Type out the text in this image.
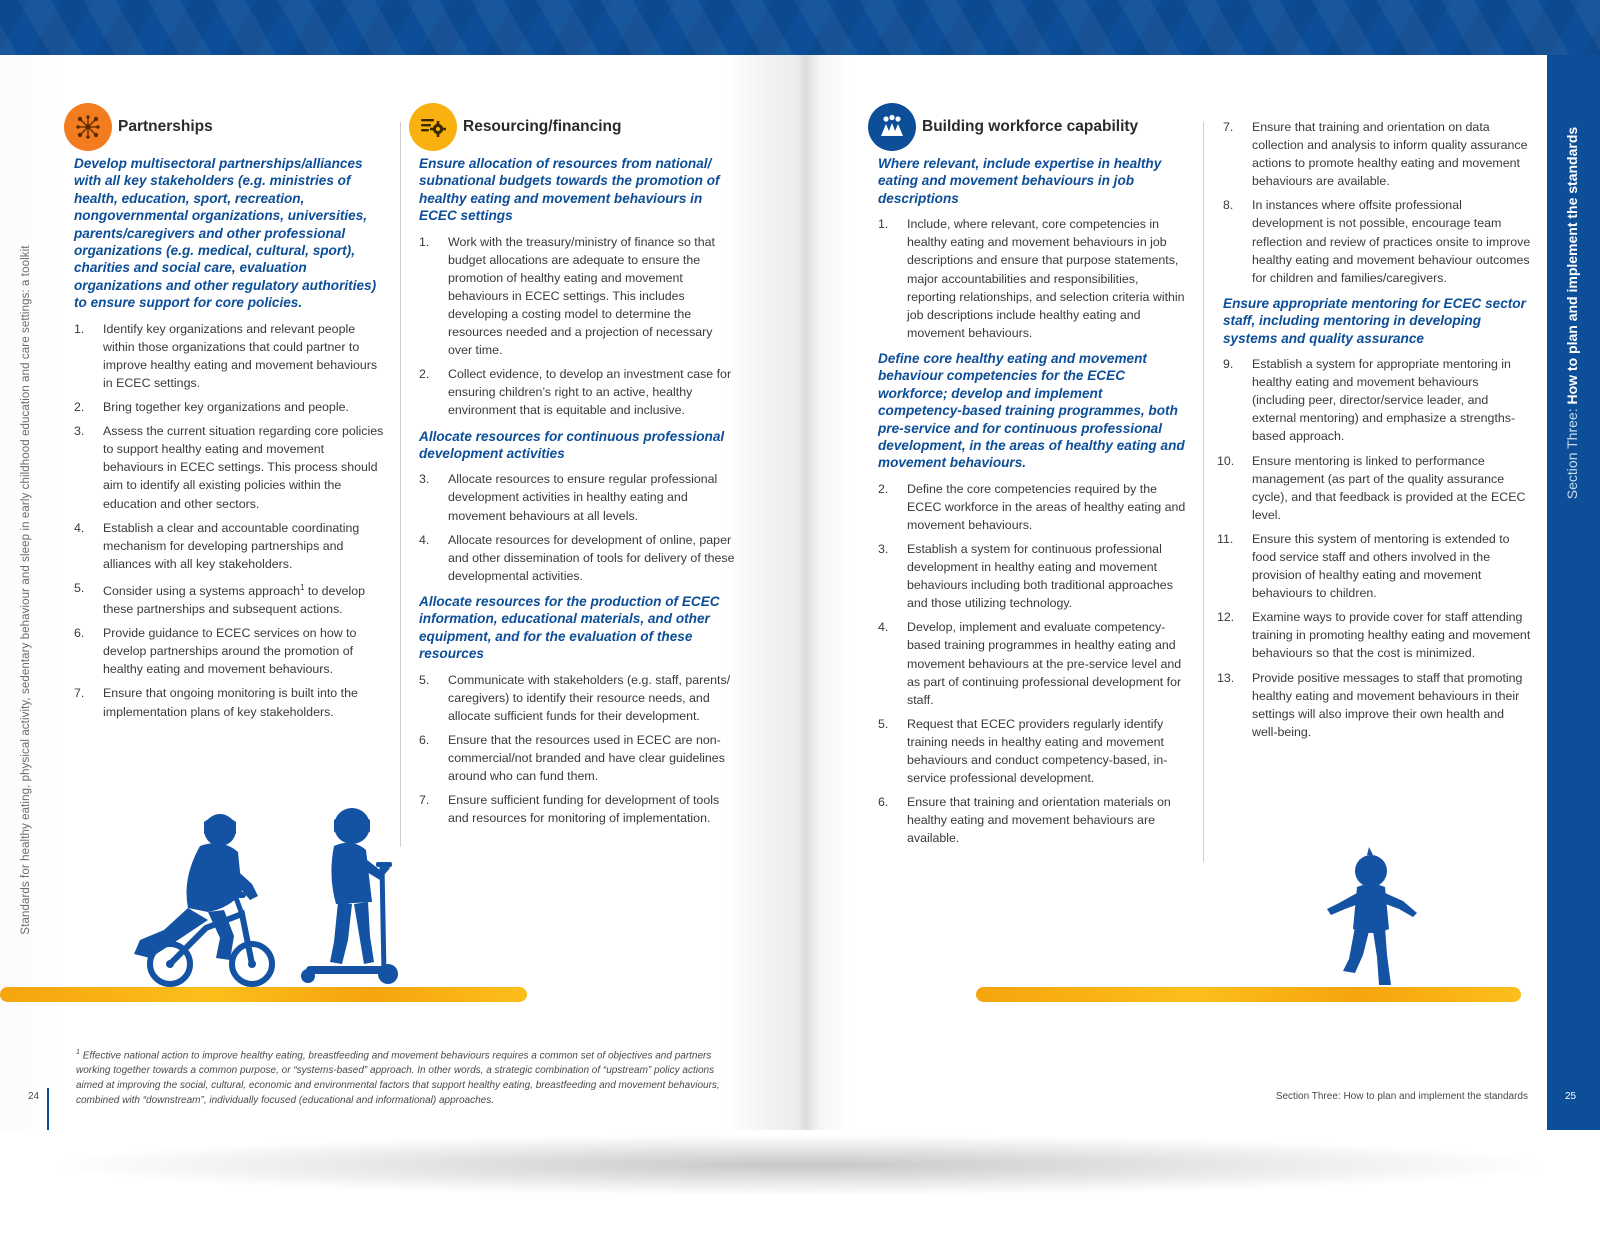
Standards for healthy eating, physical activity, sedentary behaviour and sleep in early childhood education and care settings: a toolkit	Section Three: How to plan and implement the standards
Partnerships
Develop multisectoral partnerships/alliances with all key stakeholders (e.g. ministries of health, education, sport, recreation, nongovernmental organizations, universities, parents/caregivers and other professional organizations (e.g. medical, cultural, sport), charities and social care, evaluation organizations and other regulatory authorities) to ensure support for core policies.
1. Identify key organizations and relevant people within those organizations that could partner to improve healthy eating and movement behaviours in ECEC settings.
2. Bring together key organizations and people.
3. Assess the current situation regarding core policies to support healthy eating and movement behaviours in ECEC settings. This process should aim to identify all existing policies within the education and other sectors.
4. Establish a clear and accountable coordinating mechanism for developing partnerships and alliances with all key stakeholders.
5. Consider using a systems approach$^1$ to develop these partnerships and subsequent actions.
6. Provide guidance to ECEC services on how to develop partnerships around the promotion of healthy eating and movement behaviours.
7. Ensure that ongoing monitoring is built into the implementation plans of key stakeholders.
Resourcing/financing
Ensure allocation of resources from national/ subnational budgets towards the promotion of healthy eating and movement behaviours in ECEC settings
1. Work with the treasury/ministry of finance so that budget allocations are adequate to ensure the promotion of healthy eating and movement behaviours in ECEC settings. This includes developing a costing model to determine the resources needed and a projection of necessary over time.
2. Collect evidence, to develop an investment case for ensuring children’s right to an active, healthy environment that is equitable and inclusive.
Allocate resources for continuous professional development activities
3. Allocate resources to ensure regular professional development activities in healthy eating and movement behaviours at all levels.
4. Allocate resources for development of online, paper and other dissemination of tools for delivery of these developmental activities.
Allocate resources for the production of ECEC information, educational materials, and other equipment, and for the evaluation of these resources
5. Communicate with stakeholders (e.g. staff, parents/ caregivers) to identify their resource needs, and allocate sufficient funds for their development.
6. Ensure that the resources used in ECEC are non-commercial/not branded and have clear guidelines around who can fund them.
7. Ensure sufficient funding for development of tools and resources for monitoring of implementation.
Building workforce capability
Where relevant, include expertise in healthy eating and movement behaviours in job descriptions
1. Include, where relevant, core competencies in healthy eating and movement behaviours in job descriptions and ensure that purpose statements, major accountabilities and responsibilities, reporting relationships, and selection criteria within job descriptions include healthy eating and movement behaviours.
Define core healthy eating and movement behaviour competencies for the ECEC workforce; develop and implement competency-based training programmes, both pre-service and for continuous professional development, in the areas of healthy eating and movement behaviours.
2. Define the core competencies required by the ECEC workforce in the areas of healthy eating and movement behaviours.
3. Establish a system for continuous professional development in healthy eating and movement behaviours including both traditional approaches and those utilizing technology.
4. Develop, implement and evaluate competency-based training programmes in healthy eating and movement behaviours at the pre-service level and as part of continuing professional development for staff.
5. Request that ECEC providers regularly identify training needs in healthy eating and movement behaviours and conduct competency-based, in-service professional development.
6. Ensure that training and orientation materials on healthy eating and movement behaviours are available.
7. Ensure that training and orientation on data collection and analysis to inform quality assurance actions to promote healthy eating and movement behaviours are available.
8. In instances where offsite professional development is not possible, encourage team reflection and review of practices onsite to improve healthy eating and movement behaviour outcomes for children and families/caregivers.
Ensure appropriate mentoring for ECEC sector staff, including mentoring in developing systems and quality assurance
9. Establish a system for appropriate mentoring in healthy eating and movement behaviours (including peer, director/service leader, and external mentoring) and emphasize a strengths-based approach.
10. Ensure mentoring is linked to performance management (as part of the quality assurance cycle), and that feedback is provided at the ECEC level.
11. Ensure this system of mentoring is extended to food service staff and others involved in the provision of healthy eating and movement behaviours to children.
12. Examine ways to provide cover for staff attending training in promoting healthy eating and movement behaviours so that the cost is minimized.
13. Provide positive messages to staff that promoting healthy eating and movement behaviours in their settings will also improve their own health and well-being.
$^1$ Effective national action to improve healthy eating, breastfeeding and movement behaviours requires a common set of objectives and partners working together towards a common purpose, or “systems-based” approach. In other words, a strategic combination of “upstream” policy actions aimed at improving the social, cultural, economic and environmental factors that support healthy eating, breastfeeding and movement behaviours, combined with “downstream”, individually focused (educational and informational) approaches.
24	Section Three: How to plan and implement the standards	25
